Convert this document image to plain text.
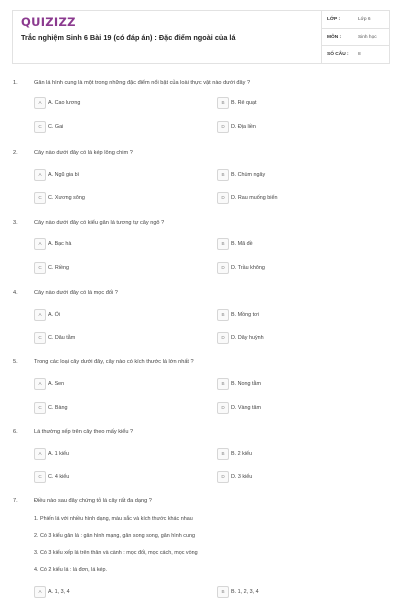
QUIZIZZ
Trắc nghiệm Sinh 6 Bài 19 (có đáp án) : Đặc điểm ngoài của lá
LỚP :	Lớp 6
MÔN :	Sinh học
SỐ CÂU : 8
1.	Gân lá hình cung là một trong những đặc điểm nổi bật của loài thực vật nào dưới đây ?
A	A. Cao lương	B	B. Rẻ quạt
C	C. Gai	D	D. Địa liền
2.	Cây nào dưới đây có lá kép lông chim ?
A	A. Ngũ gia bì	B	B. Chùm ngây
C	C. Xương sông	D	D. Rau muống biển
3.	Cây nào dưới đây có kiểu gân lá tương tự cây ngô ?
A	A. Bạc hà	B	B. Mã đề
C	C. Riềng	D	D. Trầu không
4.	Cây nào dưới đây có lá mọc đối ?
A	A. Ổi	B	B. Mồng tơi
C	C. Dâu tằm	D	D. Dây huỳnh
5.	Trong các loại cây dưới đây, cây nào có kích thước lá lớn nhất ?
A	A. Sen	B	B. Nong tằm
C	C. Bàng	D	D. Vàng tâm
6.	Lá thường xếp trên cây theo mấy kiểu ?
A	A. 1 kiểu	B	B. 2 kiểu
C	C. 4 kiểu	D	D. 3 kiểu
7.	Điều nào sau đây chứng tỏ lá cây rất đa dạng ?
1. Phiến lá với nhiều hình dạng, màu sắc và kích thước khác nhau
2. Có 3 kiểu gân lá : gân hình mạng, gân song song, gân hình cung
3. Có 3 kiểu xếp lá trên thân và cành : mọc đối, mọc cách, mọc vòng
4. Có 2 kiểu lá : lá đơn, lá kép.
A	A. 1, 3, 4	B	B. 1, 2, 3, 4
